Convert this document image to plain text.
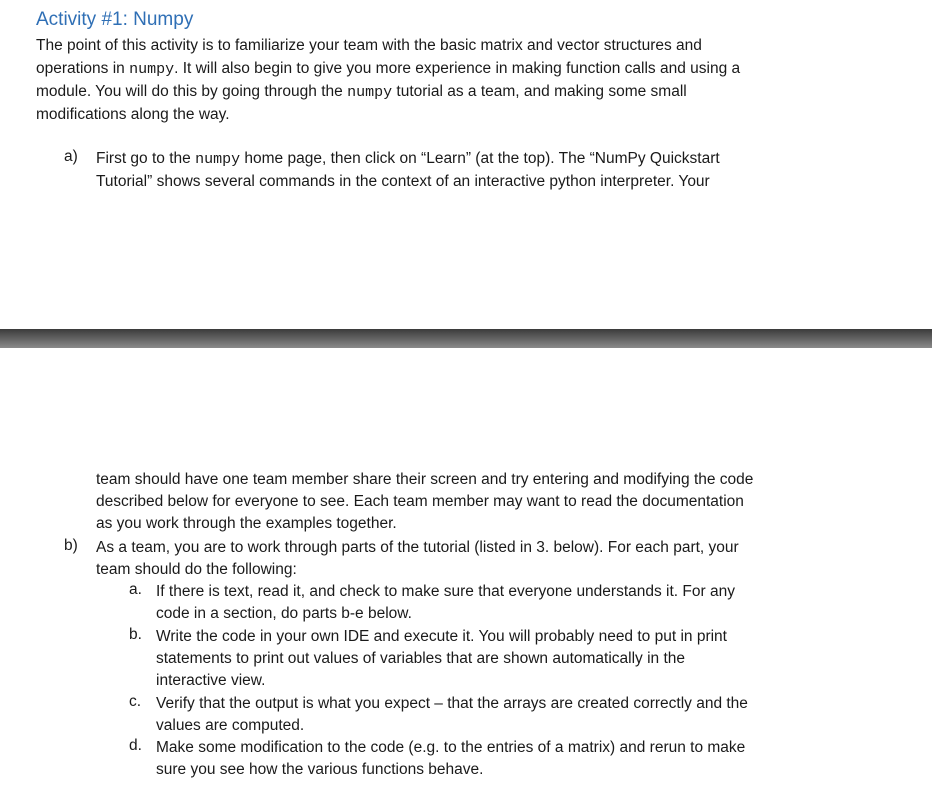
Activity #1: Numpy
The point of this activity is to familiarize your team with the basic matrix and vector structures and
operations in numpy. It will also begin to give you more experience in making function calls and using a
module. You will do this by going through the numpy tutorial as a team, and making some small
modifications along the way.
a) First go to the numpy home page, then click on “Learn” (at the top). The “NumPy Quickstart
Tutorial” shows several commands in the context of an interactive python interpreter. Your
team should have one team member share their screen and try entering and modifying the code
described below for everyone to see. Each team member may want to read the documentation
as you work through the examples together.
b) As a team, you are to work through parts of the tutorial (listed in 3. below). For each part, your
team should do the following:
a. If there is text, read it, and check to make sure that everyone understands it. For any
code in a section, do parts b-e below.
b. Write the code in your own IDE and execute it. You will probably need to put in print
statements to print out values of variables that are shown automatically in the
interactive view.
c. Verify that the output is what you expect – that the arrays are created correctly and the
values are computed.
d. Make some modification to the code (e.g. to the entries of a matrix) and rerun to make
sure you see how the various functions behave.
